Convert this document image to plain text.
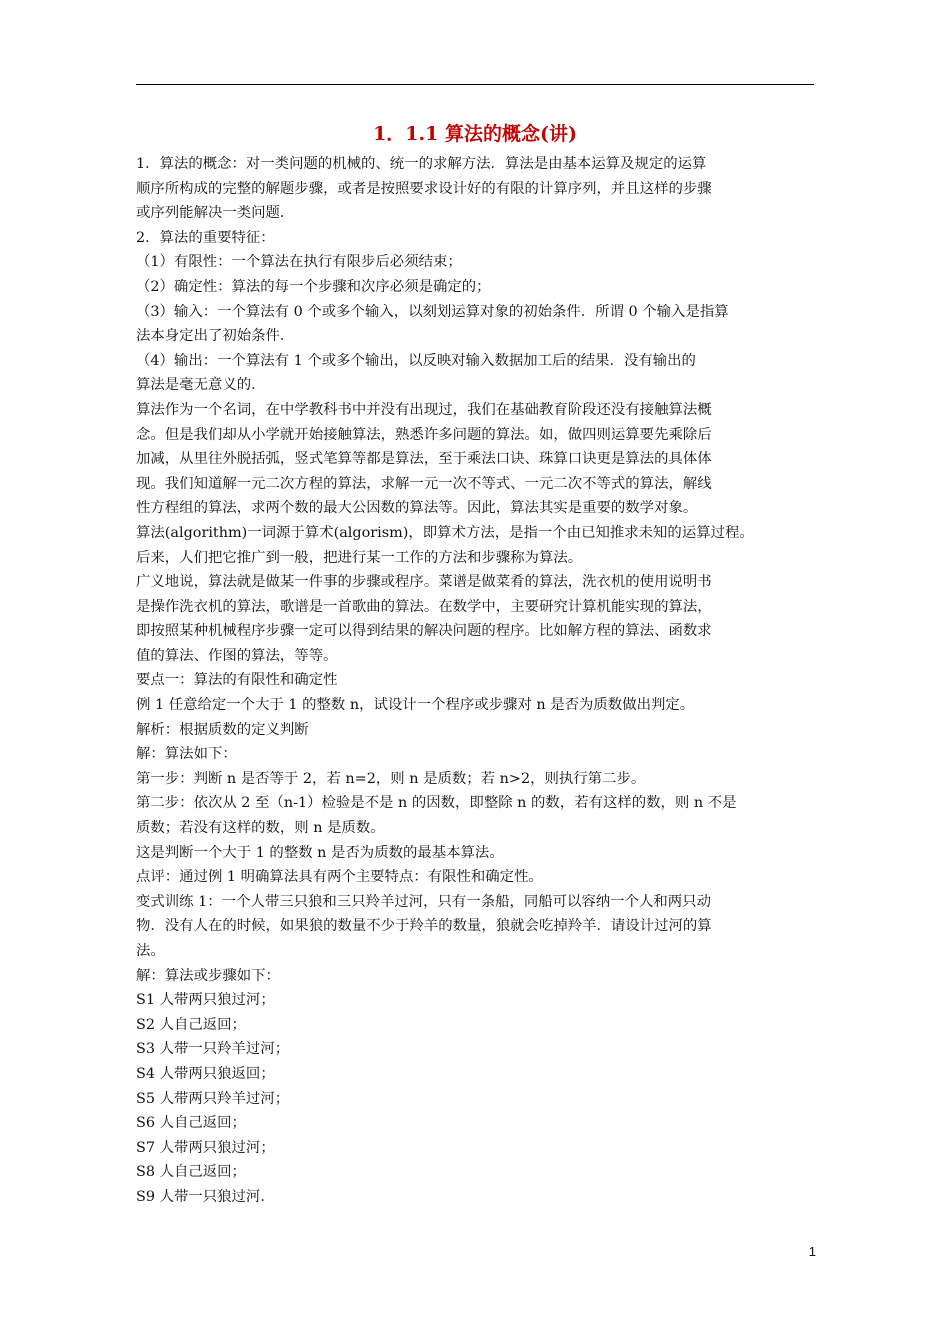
1．1.1 算法的概念(讲)
1．算法的概念：对一类问题的机械的、统一的求解方法．算法是由基本运算及规定的运算
顺序所构成的完整的解题步骤，或者是按照要求设计好的有限的计算序列，并且这样的步骤
或序列能解决一类问题．
2．算法的重要特征：
（1）有限性：一个算法在执行有限步后必须结束；
（2）确定性：算法的每一个步骤和次序必须是确定的；
（3）输入：一个算法有 0 个或多个输入，以刻划运算对象的初始条件．所谓 0 个输入是指算
法本身定出了初始条件．
（4）输出：一个算法有 1 个或多个输出，以反映对输入数据加工后的结果．没有输出的
算法是毫无意义的．
算法作为一个名词，在中学教科书中并没有出现过，我们在基础教育阶段还没有接触算法概
念。但是我们却从小学就开始接触算法，熟悉许多问题的算法。如，做四则运算要先乘除后
加减，从里往外脱括弧，竖式笔算等都是算法，至于乘法口诀、珠算口诀更是算法的具体体
现。我们知道解一元二次方程的算法，求解一元一次不等式、一元二次不等式的算法，解线
性方程组的算法，求两个数的最大公因数的算法等。因此，算法其实是重要的数学对象。
算法(algorithm)一词源于算术(algorism)，即算术方法，是指一个由已知推求未知的运算过程。
后来，人们把它推广到一般，把进行某一工作的方法和步骤称为算法。
广义地说，算法就是做某一件事的步骤或程序。菜谱是做菜肴的算法，洗衣机的使用说明书
是操作洗衣机的算法，歌谱是一首歌曲的算法。在数学中，主要研究计算机能实现的算法，
即按照某种机械程序步骤一定可以得到结果的解决问题的程序。比如解方程的算法、函数求
值的算法、作图的算法，等等。
要点一：算法的有限性和确定性
例 1 任意给定一个大于 1 的整数 n，试设计一个程序或步骤对 n 是否为质数做出判定。
解析：根据质数的定义判断
解：算法如下：
第一步：判断 n 是否等于 2，若 n=2，则 n 是质数；若 n>2，则执行第二步。
第二步：依次从 2 至（n-1）检验是不是 n 的因数，即整除 n 的数，若有这样的数，则 n 不是
质数；若没有这样的数，则 n 是质数。
这是判断一个大于 1 的整数 n 是否为质数的最基本算法。
点评：通过例 1 明确算法具有两个主要特点：有限性和确定性。
变式训练 1：一个人带三只狼和三只羚羊过河，只有一条船，同船可以容纳一个人和两只动
物．没有人在的时候，如果狼的数量不少于羚羊的数量，狼就会吃掉羚羊．请设计过河的算
法。
解：算法或步骤如下：
S1 人带两只狼过河；
S2 人自己返回；
S3 人带一只羚羊过河；
S4 人带两只狼返回；
S5 人带两只羚羊过河；
S6 人自己返回；
S7 人带两只狼过河；
S8 人自己返回；
S9 人带一只狼过河．
1
